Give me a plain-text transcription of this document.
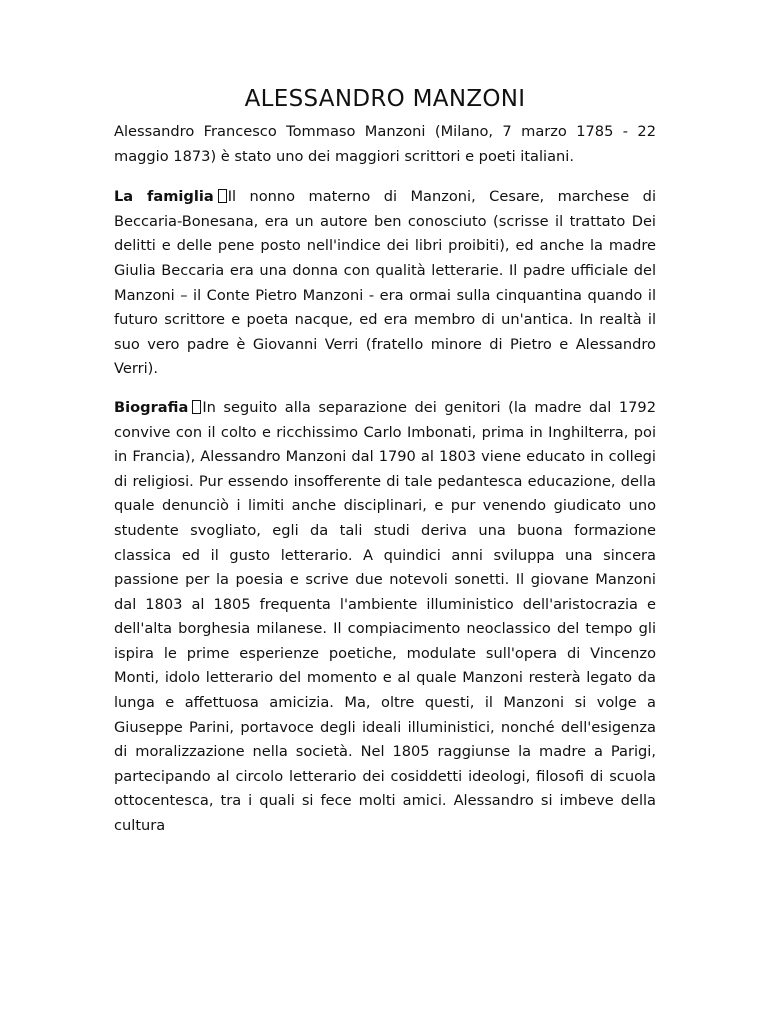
ALESSANDRO MANZONI

Alessandro Francesco Tommaso Manzoni (Milano, 7 marzo 1785 - 22 maggio 1873) è stato uno dei maggiori scrittori e poeti italiani.

La famiglia Il nonno materno di Manzoni, Cesare, marchese di Beccaria-Bonesana, era un autore ben conosciuto (scrisse il trattato Dei delitti e delle pene posto nell'indice dei libri proibiti), ed anche la madre Giulia Beccaria era una donna con qualità letterarie. Il padre ufficiale del Manzoni – il Conte Pietro Manzoni - era ormai sulla cinquantina quando il futuro scrittore e poeta nacque, ed era membro di un'antica. In realtà il suo vero padre è Giovanni Verri (fratello minore di Pietro e Alessandro Verri).

Biografia In seguito alla separazione dei genitori (la madre dal 1792 convive con il colto e ricchissimo Carlo Imbonati, prima in Inghilterra, poi in Francia), Alessandro Manzoni dal 1790 al 1803 viene educato in collegi di religiosi. Pur essendo insofferente di tale pedantesca educazione, della quale denunciò i limiti anche disciplinari, e pur venendo giudicato uno studente svogliato, egli da tali studi deriva una buona formazione classica ed il gusto letterario. A quindici anni sviluppa una sincera passione per la poesia e scrive due notevoli sonetti. Il giovane Manzoni dal 1803 al 1805 frequenta l'ambiente illuministico dell'aristocrazia e dell'alta borghesia milanese. Il compiacimento neoclassico del tempo gli ispira le prime esperienze poetiche, modulate sull'opera di Vincenzo Monti, idolo letterario del momento e al quale Manzoni resterà legato da lunga e affettuosa amicizia. Ma, oltre questi, il Manzoni si volge a Giuseppe Parini, portavoce degli ideali illuministici, nonché dell'esigenza di moralizzazione nella società. Nel 1805 raggiunse la madre a Parigi, partecipando al circolo letterario dei cosiddetti ideologi, filosofi di scuola ottocentesca, tra i quali si fece molti amici. Alessandro si imbeve della cultura
